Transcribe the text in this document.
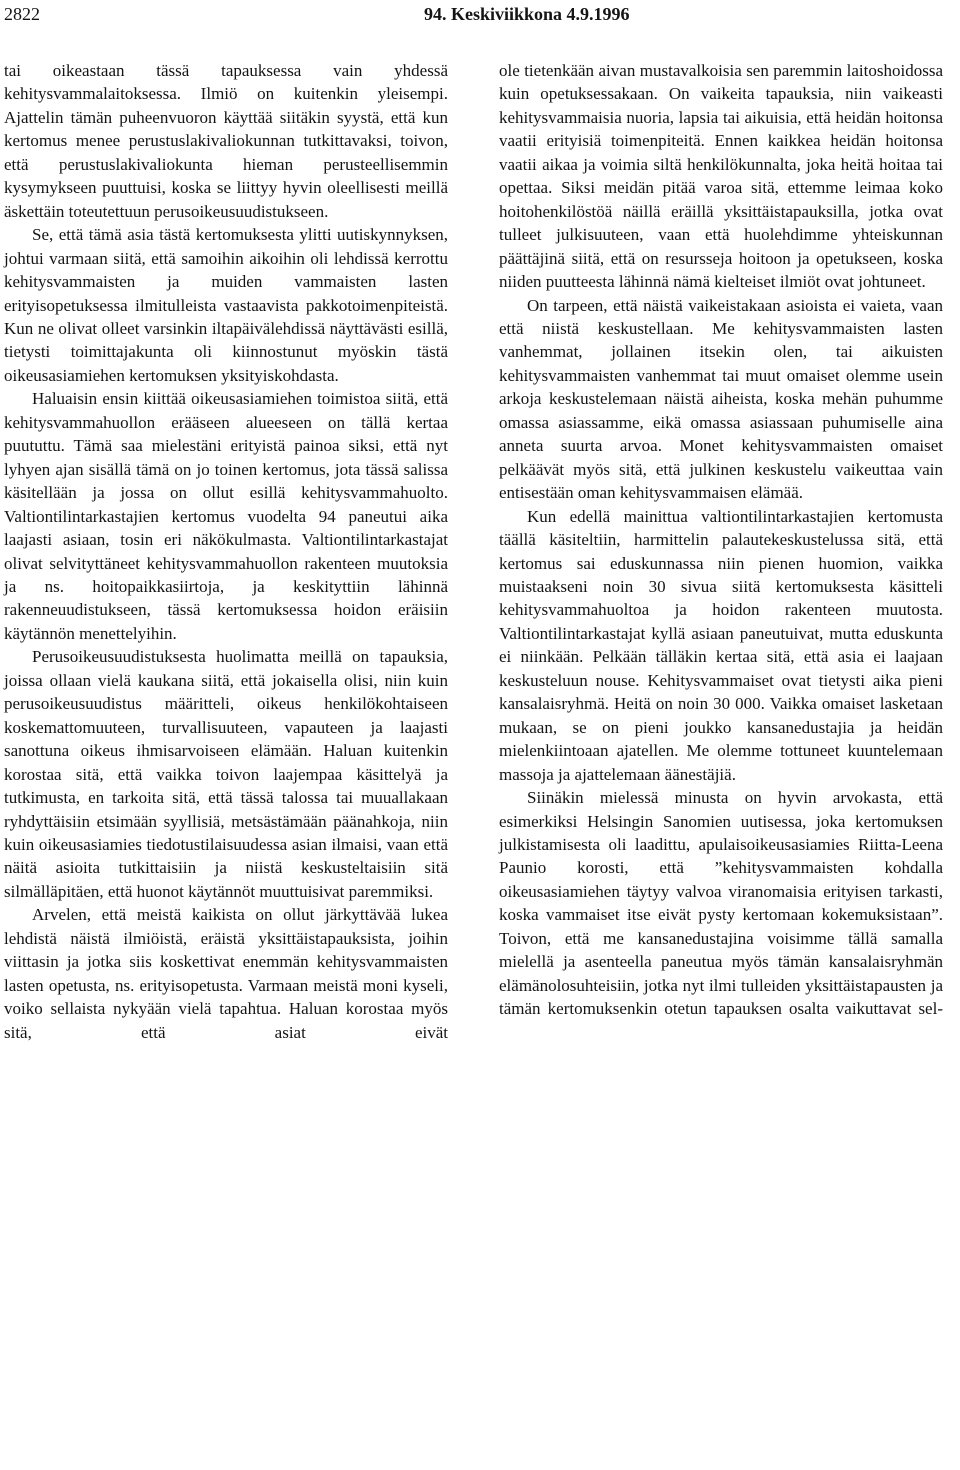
2822	94. Keskiviikkona 4.9.1996

tai oikeastaan tässä tapauksessa vain yhdessä kehitysvammalaitoksessa. Ilmiö on kuitenkin yleisempi. Ajattelin tämän puheenvuoron käyttää siitäkin syystä, että kun kertomus menee perustuslakivaliokunnan tutkittavaksi, toivon, että perustuslakivaliokunta hieman perusteellisemmin kysymykseen puuttuisi, koska se liittyy hyvin oleellisesti meillä äskettäin toteutettuun perusoikeusuudistukseen.

Se, että tämä asia tästä kertomuksesta ylitti uutiskynnyksen, johtui varmaan siitä, että samoihin aikoihin oli lehdissä kerrottu kehitysvammaisten ja muiden vammaisten lasten erityisopetuksessa ilmitulleista vastaavista pakkotoimenpiteistä. Kun ne olivat olleet varsinkin iltapäivälehdissä näyttävästi esillä, tietysti toimittajakunta oli kiinnostunut myöskin tästä oikeusasiamiehen kertomuksen yksityiskohdasta.

Haluaisin ensin kiittää oikeusasiamiehen toimistoa siitä, että kehitysvammahuollon erääseen alueeseen on tällä kertaa puututtu. Tämä saa mielestäni erityistä painoa siksi, että nyt lyhyen ajan sisällä tämä on jo toinen kertomus, jota tässä salissa käsitellään ja jossa on ollut esillä kehitysvammahuolto. Valtiontilintarkastajien kertomus vuodelta 94 paneutui aika laajasti asiaan, tosin eri näkökulmasta. Valtiontilintarkastajat olivat selvityttäneet kehitysvammahuollon rakenteen muutoksia ja ns. hoitopaikkasiirtoja, ja keskityttiin lähinnä rakenneuudistukseen, tässä kertomuksessa hoidon eräisiin käytännön menettelyihin.

Perusoikeusuudistuksesta huolimatta meillä on tapauksia, joissa ollaan vielä kaukana siitä, että jokaisella olisi, niin kuin perusoikeusuudistus määritteli, oikeus henkilökohtaiseen koskemattomuuteen, turvallisuuteen, vapauteen ja laajasti sanottuna oikeus ihmisarvoiseen elämään. Haluan kuitenkin korostaa sitä, että vaikka toivon laajempaa käsittelyä ja tutkimusta, en tarkoita sitä, että tässä talossa tai muuallakaan ryhdyttäisiin etsimään syyllisiä, metsästämään päänahkoja, niin kuin oikeusasiamies tiedotustilaisuudessa asian ilmaisi, vaan että näitä asioita tutkittaisiin ja niistä keskusteltaisiin sitä silmälläpitäen, että huonot käytännöt muuttuisivat paremmiksi.

Arvelen, että meistä kaikista on ollut järkyttävää lukea lehdistä näistä ilmiöistä, eräistä yksittäistapauksista, joihin viittasin ja jotka siis koskettivat enemmän kehitysvammaisten lasten opetusta, ns. erityisopetusta. Varmaan meistä moni kyseli, voiko sellaista nykyään vielä tapahtua. Haluan korostaa myös sitä, että asiat eivät

ole tietenkään aivan mustavalkoisia sen paremmin laitoshoidossa kuin opetuksessakaan. On vaikeita tapauksia, niin vaikeasti kehitysvammaisia nuoria, lapsia tai aikuisia, että heidän hoitonsa vaatii erityisiä toimenpiteitä. Ennen kaikkea heidän hoitonsa vaatii aikaa ja voimia siltä henkilökunnalta, joka heitä hoitaa tai opettaa. Siksi meidän pitää varoa sitä, ettemme leimaa koko hoitohenkilöstöä näillä eräillä yksittäistapauksilla, jotka ovat tulleet julkisuuteen, vaan että huolehdimme yhteiskunnan päättäjinä siitä, että on resursseja hoitoon ja opetukseen, koska niiden puutteesta lähinnä nämä kielteiset ilmiöt ovat johtuneet.

On tarpeen, että näistä vaikeistakaan asioista ei vaieta, vaan että niistä keskustellaan. Me kehitysvammaisten lasten vanhemmat, jollainen itsekin olen, tai aikuisten kehitysvammaisten vanhemmat tai muut omaiset olemme usein arkoja keskustelemaan näistä aiheista, koska mehän puhumme omassa asiassamme, eikä omassa asiassaan puhumiselle aina anneta suurta arvoa. Monet kehitysvammaisten omaiset pelkäävät myös sitä, että julkinen keskustelu vaikeuttaa vain entisestään oman kehitysvammaisen elämää.

Kun edellä mainittua valtiontilintarkastajien kertomusta täällä käsiteltiin, harmittelin palautekeskustelussa sitä, että kertomus sai eduskunnassa niin pienen huomion, vaikka muistaakseni noin 30 sivua siitä kertomuksesta käsitteli kehitysvammahuoltoa ja hoidon rakenteen muutosta. Valtiontilintarkastajat kyllä asiaan paneutuivat, mutta eduskunta ei niinkään. Pelkään tälläkin kertaa sitä, että asia ei laajaan keskusteluun nouse. Kehitysvammaiset ovat tietysti aika pieni kansalaisryhmä. Heitä on noin 30 000. Vaikka omaiset lasketaan mukaan, se on pieni joukko kansanedustajia ja heidän mielenkiintoaan ajatellen. Me olemme tottuneet kuuntelemaan massoja ja ajattelemaan äänestäjiä.

Siinäkin mielessä minusta on hyvin arvokasta, että esimerkiksi Helsingin Sanomien uutisessa, joka kertomuksen julkistamisesta oli laadittu, apulaisoikeusasiamies Riitta-Leena Paunio korosti, että ”kehitysvammaisten kohdalla oikeusasiamiehen täytyy valvoa viranomaisia erityisen tarkasti, koska vammaiset itse eivät pysty kertomaan kokemuksistaan”. Toivon, että me kansanedustajina voisimme tällä samalla mielellä ja asenteella paneutua myös tämän kansalaisryhmän elämänolosuhteisiin, jotka nyt ilmi tulleiden yksittäistapausten ja tämän kertomuksenkin otetun tapauksen osalta vaikuttavat sel-
